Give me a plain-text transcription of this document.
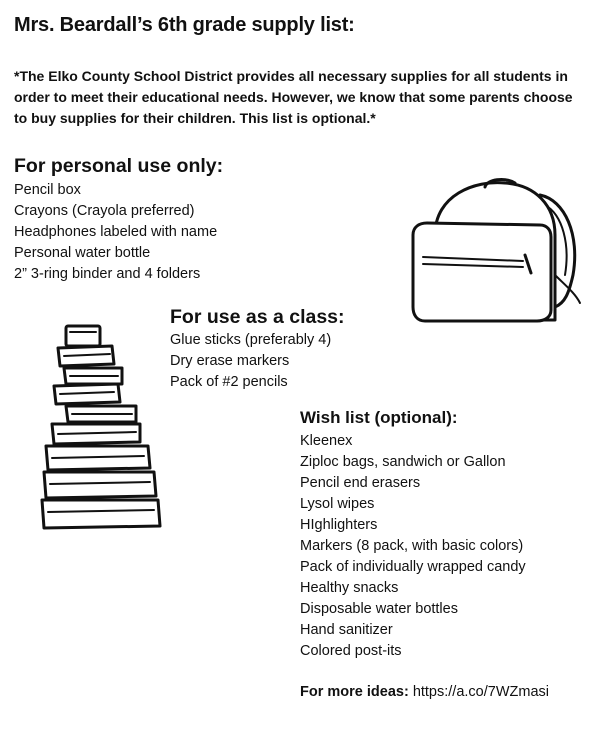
Mrs. Beardall’s 6th grade supply list:
*The Elko County School District provides all necessary supplies for all students in order to meet their educational needs. However, we know that some parents choose to buy supplies for their children. This list is optional.*
For personal use only:
Pencil box
Crayons (Crayola preferred)
Headphones labeled with name
Personal water bottle
2” 3-ring binder and 4 folders
For use as a class:
Glue sticks (preferably 4)
Dry erase markers
Pack of #2 pencils
Wish list (optional):
Kleenex
Ziploc bags, sandwich or Gallon
Pencil end erasers
Lysol wipes
HIghlighters
Markers (8 pack, with basic colors)
Pack of individually wrapped candy
Healthy snacks
Disposable water bottles
Hand sanitizer
Colored post-its
For more ideas: https://a.co/7WZmasi
